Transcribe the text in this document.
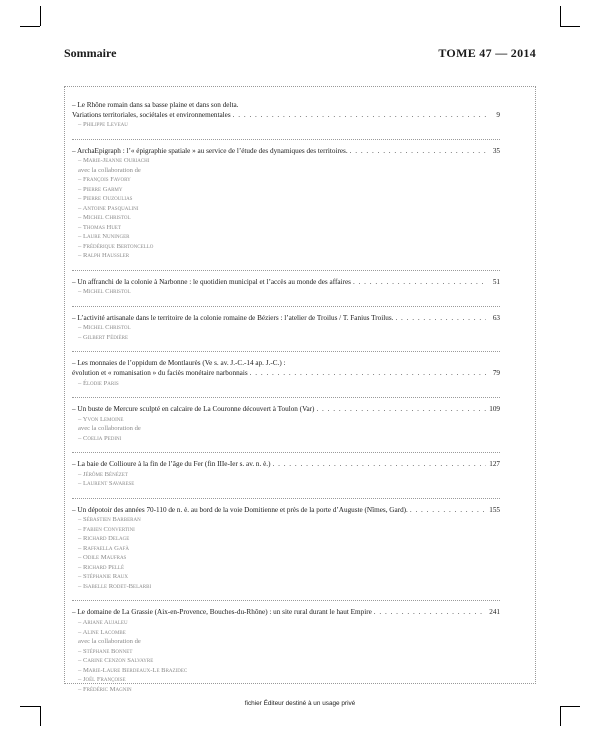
Sommaire	TOME 47 — 2014
– Le Rhône romain dans sa basse plaine et dans son delta.
Variations territoriales, sociétales et environnementales . . .	9
– Philippe Leveau
– ArchaEpigraph : l’« épigraphie spatiale » au service de l’étude des dynamiques des territoires. . . .	35
– Marie-Jeanne Ouriachi
avec la collaboration de
– François Favory
– Pierre Garmy
– Pierre Ouzoulias
– Antoine Pasqualini
– Michel Christol
– Thomas Huet
– Laure Nuninger
– Frédérique Bertoncello
– Ralph Haussler
– Un affranchi de la colonie à Narbonne : le quotidien municipal et l’accès au monde des affaires . . .	51
– Michel Christol
– L’activité artisanale dans le territoire de la colonie romaine de Béziers : l’atelier de Troilus / T. Fanius Troilus. . . .	63
– Michel Christol
– Gilbert Fédière
– Les monnaies de l’oppidum de Montlaurès (Ve s. av. J.-C.-14 ap. J.-C.) :
évolution et « romanisation » du faciès monétaire narbonnais . . .	79
– Élodie Paris
– Un buste de Mercure sculpté en calcaire de La Couronne découvert à Toulon (Var) . . .	109
– Yvon Lemoine
avec la collaboration de
– Coelia Pedini
– La baie de Collioure à la fin de l’âge du Fer (fin IIIe-Ier s. av. n. è.) . . .	127
– Jérôme Bénézet
– Laurent Savarese
– Un dépotoir des années 70-110 de n. è. au bord de la voie Domitienne et près de la porte d’Auguste (Nîmes, Gard). . . .	155
– Sébastien Barberan
– Fabien Convertini
– Richard Delage
– Raffaella Gafà
– Odile Maufras
– Richard Pellé
– Stéphanie Raux
– Isabelle Rodet-Belarbi
– Le domaine de La Grassie (Aix-en-Provence, Bouches-du-Rhône) : un site rural durant le haut Empire . . .	241
– Ariane Aujaleu
– Aline Lacombe
avec la collaboration de
– Stéphane Bonnet
– Carine Cenzon Salvayre
– Marie-Laure Berdeaux-Le Brazidec
– Joël Françoise
– Frédéric Magnin
fichier Éditeur destiné à un usage privé
